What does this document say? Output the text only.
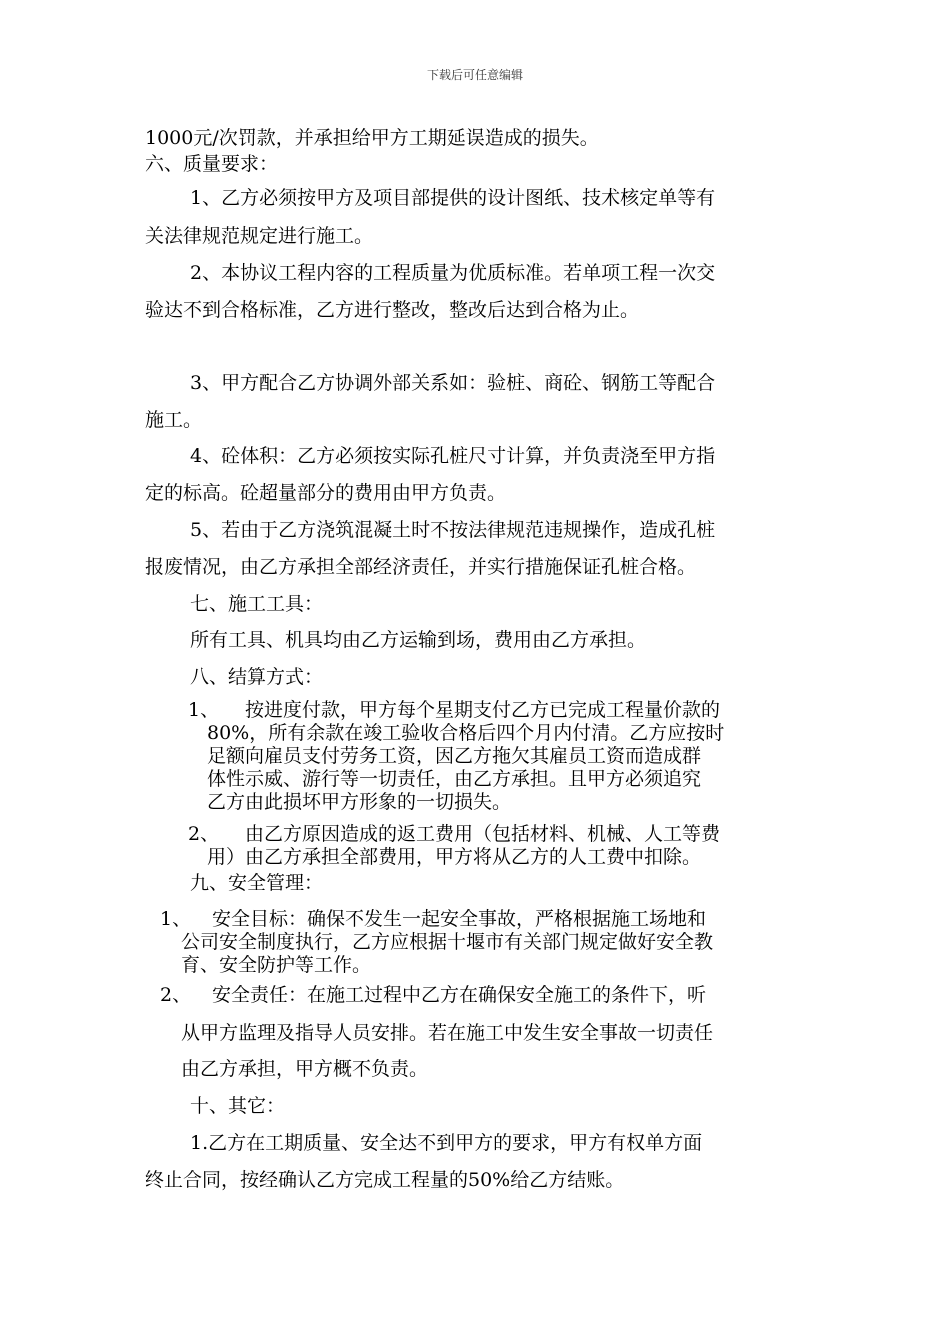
下载后可任意编辑
1000元/次罚款，并承担给甲方工期延误造成的损失。
六、质量要求：
1、乙方必须按甲方及项目部提供的设计图纸、技术核定单等有
关法律规范规定进行施工。
2、本协议工程内容的工程质量为优质标准。若单项工程一次交
验达不到合格标准，乙方进行整改，整改后达到合格为止。
3、甲方配合乙方协调外部关系如：验桩、商砼、钢筋工等配合
施工。
4、砼体积：乙方必须按实际孔桩尺寸计算，并负责浇至甲方指
定的标高。砼超量部分的费用由甲方负责。
5、若由于乙方浇筑混凝土时不按法律规范违规操作，造成孔桩
报废情况，由乙方承担全部经济责任，并实行措施保证孔桩合格。
七、施工工具：
所有工具、机具均由乙方运输到场，费用由乙方承担。
八、结算方式：
1、	按进度付款，甲方每个星期支付乙方已完成工程量价款的
80%，所有余款在竣工验收合格后四个月内付清。乙方应按时
足额向雇员支付劳务工资，因乙方拖欠其雇员工资而造成群
体性示威、游行等一切责任，由乙方承担。且甲方必须追究
乙方由此损坏甲方形象的一切损失。
2、	由乙方原因造成的返工费用（包括材料、机械、人工等费
用）由乙方承担全部费用，甲方将从乙方的人工费中扣除。
九、安全管理：
1、	安全目标：确保不发生一起安全事故，严格根据施工场地和
公司安全制度执行，乙方应根据十堰市有关部门规定做好安全教
育、安全防护等工作。
2、	安全责任：在施工过程中乙方在确保安全施工的条件下，听
从甲方监理及指导人员安排。若在施工中发生安全事故一切责任
由乙方承担，甲方概不负责。
十、其它：
1.乙方在工期质量、安全达不到甲方的要求，甲方有权单方面
终止合同，按经确认乙方完成工程量的50%给乙方结账。
